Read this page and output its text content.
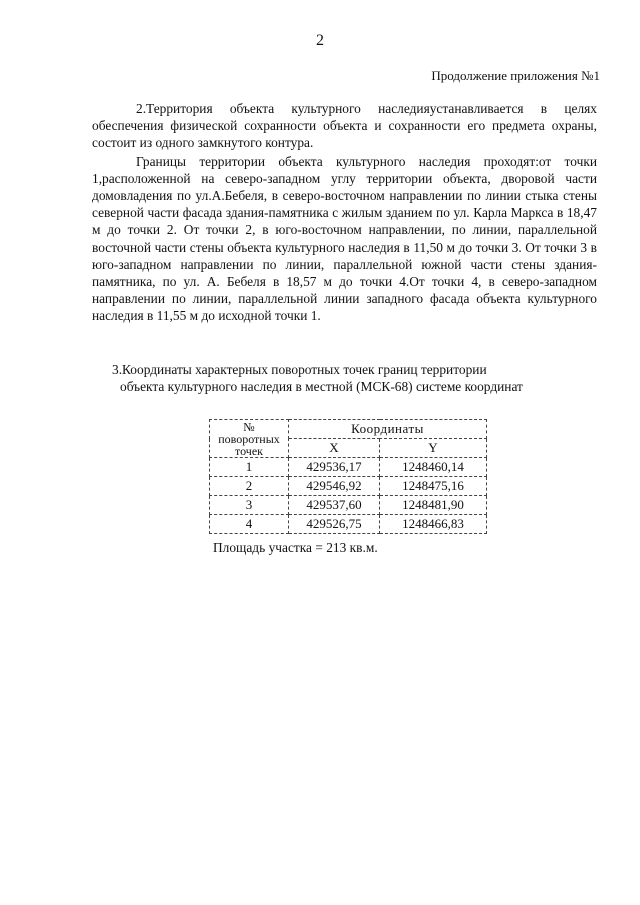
2
Продолжение приложения №1

2.Территория объекта культурного наследияустанавливается в целях обеспечения физической сохранности объекта и сохранности его предмета охраны, состоит из одного замкнутого контура.

Границы территории объекта культурного наследия проходят:от точки 1,расположенной на северо-западном углу территории объекта, дворовой части домовладения по ул.А.Бебеля, в северо-восточном направлении по линии стыка стены северной части фасада здания-памятника с жилым зданием по ул. Карла Маркса в 18,47 м до точки 2. От точки 2, в юго-восточном направлении, по линии, параллельной восточной части стены объекта культурного наследия в 11,50 м до точки 3. От точки 3 в юго-западном направлении по линии, параллельной южной части стены здания-памятника, по ул. А. Бебеля в 18,57 м до точки 4.От точки 4, в северо-западном направлении по линии, параллельной линии западного фасада объекта культурного наследия в 11,55 м до исходной точки 1.

3.Координаты характерных поворотных точек границ территории
объекта культурного наследия в местной (МСК-68) системе координат
№ поворотных точек	Координаты	
	X	Y
1	429536,17	1248460,14
2	429546,92	1248475,16
3	429537,60	1248481,90
4	429526,75	1248466,83
Площадь участка = 213 кв.м.
